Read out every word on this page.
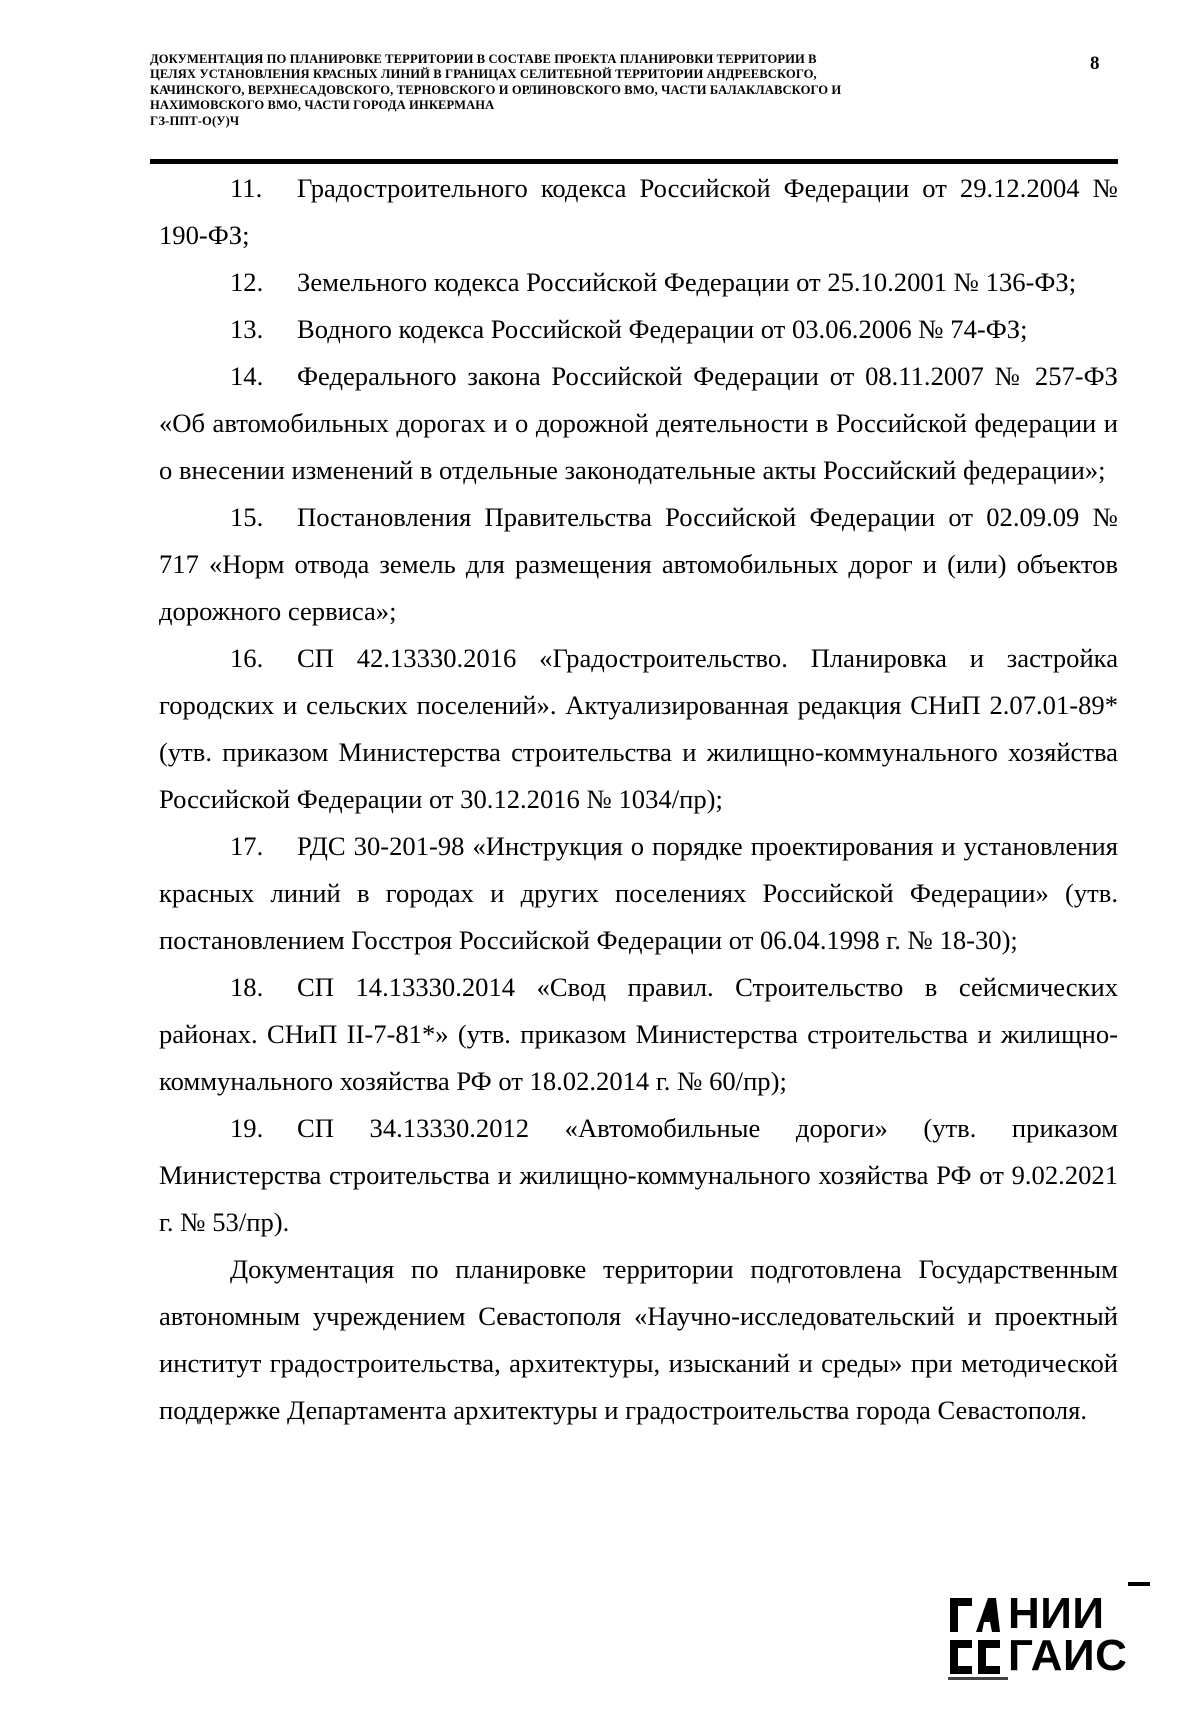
ДОКУМЕНТАЦИЯ ПО ПЛАНИРОВКЕ ТЕРРИТОРИИ В СОСТАВЕ ПРОЕКТА ПЛАНИРОВКИ ТЕРРИТОРИИ В
ЦЕЛЯХ УСТАНОВЛЕНИЯ КРАСНЫХ ЛИНИЙ В ГРАНИЦАХ СЕЛИТЕБНОЙ ТЕРРИТОРИИ АНДРЕЕВСКОГО,
КАЧИНСКОГО, ВЕРХНЕСАДОВСКОГО, ТЕРНОВСКОГО И ОРЛИНОВСКОГО ВМО, ЧАСТИ БАЛАКЛАВСКОГО И
НАХИМОВСКОГО ВМО, ЧАСТИ ГОРОДА ИНКЕРМАНА
ГЗ-ППТ-О(У)Ч
8

11. Градостроительного кодекса Российской Федерации от 29.12.2004 № 190-ФЗ;

12. Земельного кодекса Российской Федерации от 25.10.2001 № 136-ФЗ;

13. Водного кодекса Российской Федерации от 03.06.2006 № 74-ФЗ;

14. Федерального закона Российской Федерации от 08.11.2007 № 257-ФЗ «Об автомобильных дорогах и о дорожной деятельности в Российской федерации и о внесении изменений в отдельные законодательные акты Российский федерации»;

15. Постановления Правительства Российской Федерации от 02.09.09 № 717 «Норм отвода земель для размещения автомобильных дорог и (или) объектов дорожного сервиса»;

16. СП 42.13330.2016 «Градостроительство. Планировка и застройка городских и сельских поселений». Актуализированная редакция СНиП 2.07.01-89* (утв. приказом Министерства строительства и жилищно-коммунального хозяйства Российской Федерации от 30.12.2016 № 1034/пр);

17. РДС 30-201-98 «Инструкция о порядке проектирования и установления красных линий в городах и других поселениях Российской Федерации» (утв. постановлением Госстроя Российской Федерации от 06.04.1998 г. № 18-30);

18. СП 14.13330.2014 «Свод правил. Строительство в сейсмических районах. СНиП II-7-81*» (утв. приказом Министерства строительства и жилищно-коммунального хозяйства РФ от 18.02.2014 г. № 60/пр);

19. СП 34.13330.2012 «Автомобильные дороги» (утв. приказом Министерства строительства и жилищно-коммунального хозяйства РФ от 9.02.2021 г. № 53/пр).

Документация по планировке территории подготовлена Государственным автономным учреждением Севастополя «Научно-исследовательский и проектный институт градостроительства, архитектуры, изысканий и среды» при методической поддержке Департамента архитектуры и градостроительства города Севастополя.

НИИ
ГАИС
